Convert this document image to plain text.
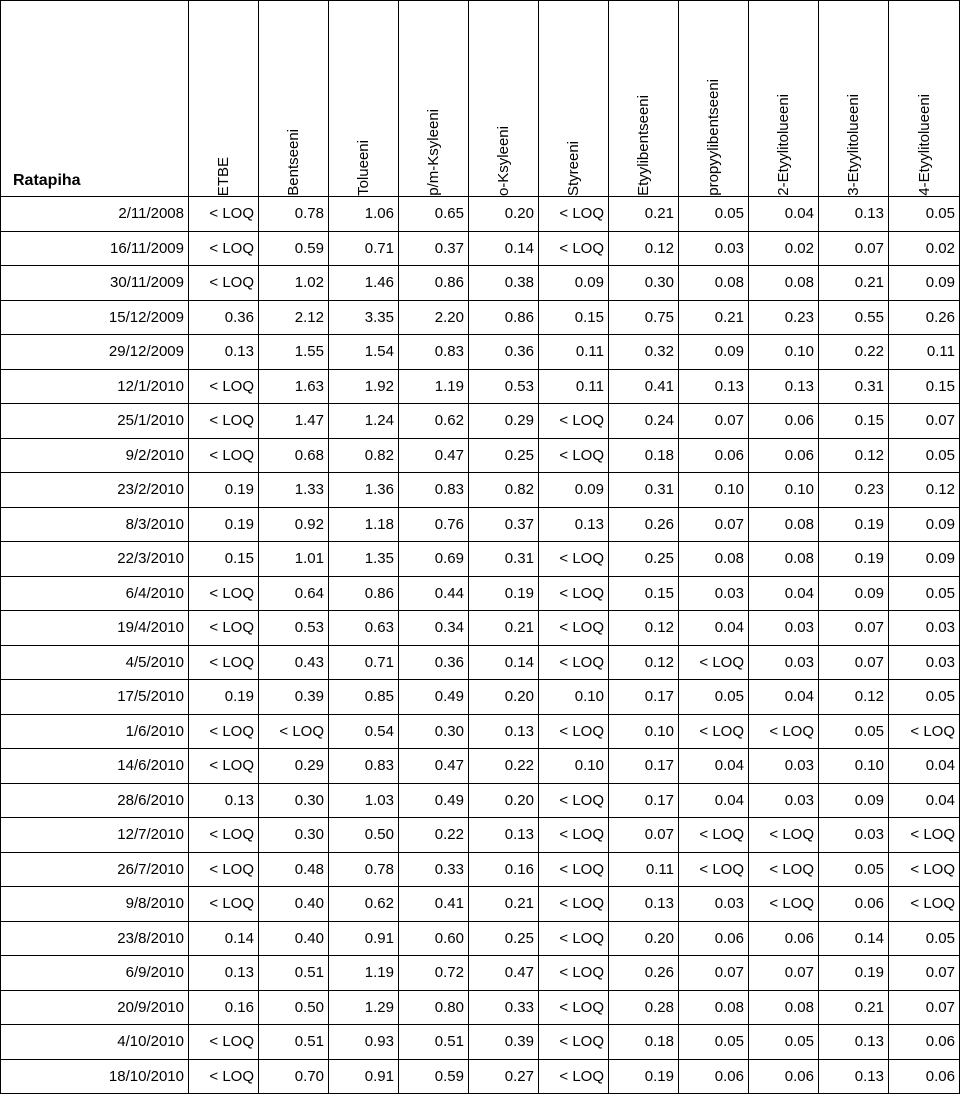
Ratapiha	ETBE	Bentseeni	Tolueeni	p/m-Ksyleeni	o-Ksyleeni	Styreeni	Etyylibentseeni	propyylibentseeni	2-Etyylitolueeni	3-Etyylitolueeni	4-Etyylitolueeni

2/11/2008	< LOQ	0.78	1.06	0.65	0.20	< LOQ	0.21	0.05	0.04	0.13	0.05
16/11/2009	< LOQ	0.59	0.71	0.37	0.14	< LOQ	0.12	0.03	0.02	0.07	0.02
30/11/2009	< LOQ	1.02	1.46	0.86	0.38	0.09	0.30	0.08	0.08	0.21	0.09
15/12/2009	0.36	2.12	3.35	2.20	0.86	0.15	0.75	0.21	0.23	0.55	0.26
29/12/2009	0.13	1.55	1.54	0.83	0.36	0.11	0.32	0.09	0.10	0.22	0.11
12/1/2010	< LOQ	1.63	1.92	1.19	0.53	0.11	0.41	0.13	0.13	0.31	0.15
25/1/2010	< LOQ	1.47	1.24	0.62	0.29	< LOQ	0.24	0.07	0.06	0.15	0.07
9/2/2010	< LOQ	0.68	0.82	0.47	0.25	< LOQ	0.18	0.06	0.06	0.12	0.05
23/2/2010	0.19	1.33	1.36	0.83	0.82	0.09	0.31	0.10	0.10	0.23	0.12
8/3/2010	0.19	0.92	1.18	0.76	0.37	0.13	0.26	0.07	0.08	0.19	0.09
22/3/2010	0.15	1.01	1.35	0.69	0.31	< LOQ	0.25	0.08	0.08	0.19	0.09
6/4/2010	< LOQ	0.64	0.86	0.44	0.19	< LOQ	0.15	0.03	0.04	0.09	0.05
19/4/2010	< LOQ	0.53	0.63	0.34	0.21	< LOQ	0.12	0.04	0.03	0.07	0.03
4/5/2010	< LOQ	0.43	0.71	0.36	0.14	< LOQ	0.12	< LOQ	0.03	0.07	0.03
17/5/2010	0.19	0.39	0.85	0.49	0.20	0.10	0.17	0.05	0.04	0.12	0.05
1/6/2010	< LOQ	< LOQ	0.54	0.30	0.13	< LOQ	0.10	< LOQ	< LOQ	0.05	< LOQ
14/6/2010	< LOQ	0.29	0.83	0.47	0.22	0.10	0.17	0.04	0.03	0.10	0.04
28/6/2010	0.13	0.30	1.03	0.49	0.20	< LOQ	0.17	0.04	0.03	0.09	0.04
12/7/2010	< LOQ	0.30	0.50	0.22	0.13	< LOQ	0.07	< LOQ	< LOQ	0.03	< LOQ
26/7/2010	< LOQ	0.48	0.78	0.33	0.16	< LOQ	0.11	< LOQ	< LOQ	0.05	< LOQ
9/8/2010	< LOQ	0.40	0.62	0.41	0.21	< LOQ	0.13	0.03	< LOQ	0.06	< LOQ
23/8/2010	0.14	0.40	0.91	0.60	0.25	< LOQ	0.20	0.06	0.06	0.14	0.05
6/9/2010	0.13	0.51	1.19	0.72	0.47	< LOQ	0.26	0.07	0.07	0.19	0.07
20/9/2010	0.16	0.50	1.29	0.80	0.33	< LOQ	0.28	0.08	0.08	0.21	0.07
4/10/2010	< LOQ	0.51	0.93	0.51	0.39	< LOQ	0.18	0.05	0.05	0.13	0.06
18/10/2010	< LOQ	0.70	0.91	0.59	0.27	< LOQ	0.19	0.06	0.06	0.13	0.06
